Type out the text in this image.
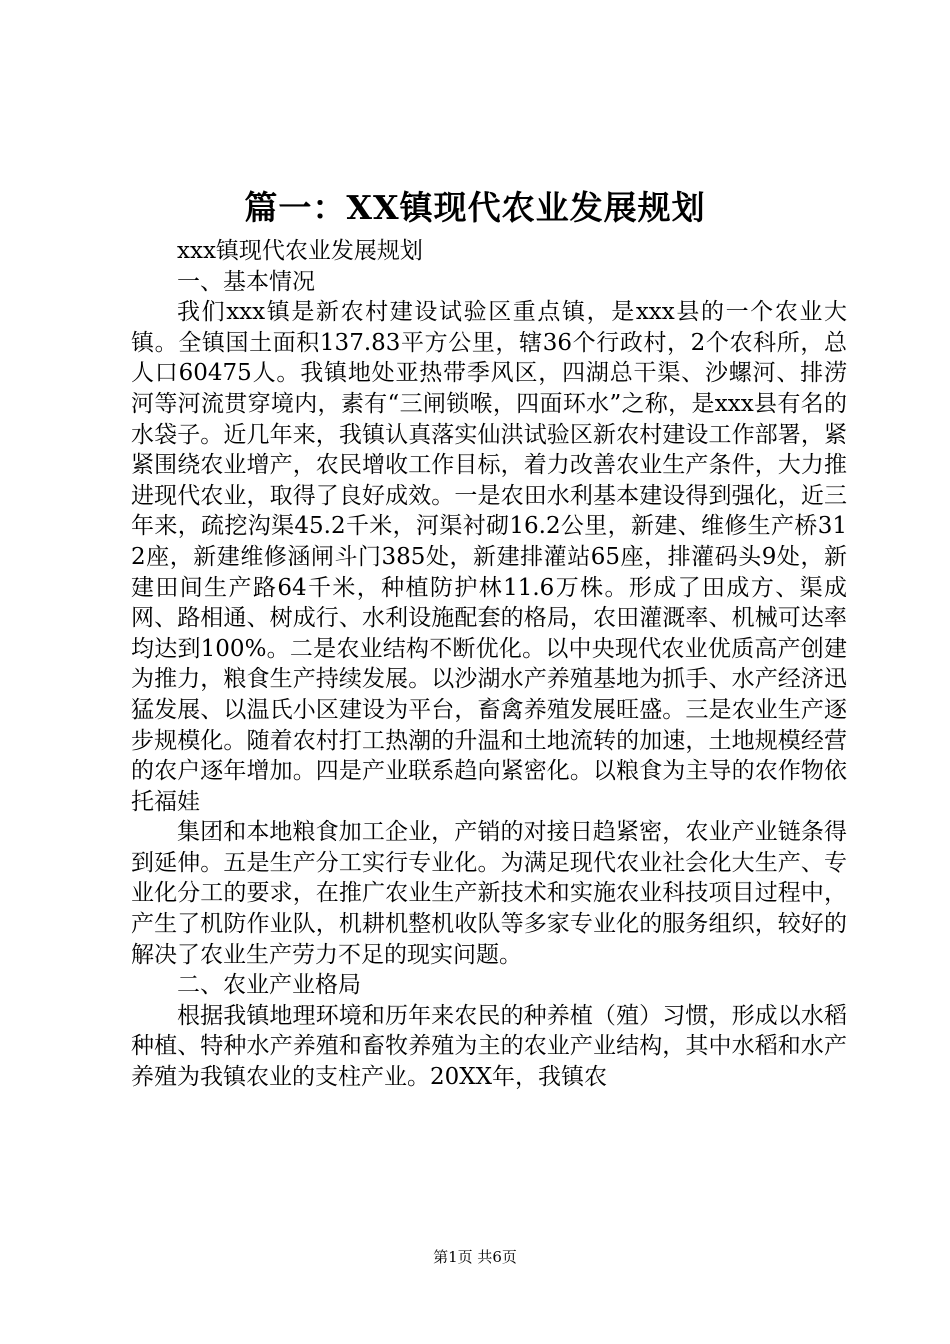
篇一：XX镇现代农业发展规划

xxx镇现代农业发展规划

一、基本情况

我们xxx镇是新农村建设试验区重点镇，是xxx县的一个农业大镇。全镇国土面积137.83平方公里，辖36个行政村，2个农科所，总人口60475人。我镇地处亚热带季风区，四湖总干渠、沙螺河、排涝河等河流贯穿境内，素有“三闸锁喉，四面环水”之称，是xxx县有名的水袋子。近几年来，我镇认真落实仙洪试验区新农村建设工作部署，紧紧围绕农业增产，农民增收工作目标，着力改善农业生产条件，大力推进现代农业，取得了良好成效。一是农田水利基本建设得到强化，近三年来，疏挖沟渠45.2千米，河渠衬砌16.2公里，新建、维修生产桥312座，新建维修涵闸斗门385处，新建排灌站65座，排灌码头9处，新建田间生产路64千米，种植防护林11.6万株。形成了田成方、渠成网、路相通、树成行、水利设施配套的格局，农田灌溉率、机械可达率均达到100%。二是农业结构不断优化。以中央现代农业优质高产创建为推力，粮食生产持续发展。以沙湖水产养殖基地为抓手、水产经济迅猛发展、以温氏小区建设为平台，畜禽养殖发展旺盛。三是农业生产逐步规模化。随着农村打工热潮的升温和土地流转的加速，土地规模经营的农户逐年增加。四是产业联系趋向紧密化。以粮食为主导的农作物依托福娃

集团和本地粮食加工企业，产销的对接日趋紧密，农业产业链条得到延伸。五是生产分工实行专业化。为满足现代农业社会化大生产、专业化分工的要求，在推广农业生产新技术和实施农业科技项目过程中，产生了机防作业队，机耕机整机收队等多家专业化的服务组织，较好的解决了农业生产劳力不足的现实问题。

二、农业产业格局

根据我镇地理环境和历年来农民的种养植（殖）习惯，形成以水稻种植、特种水产养殖和畜牧养殖为主的农业产业结构，其中水稻和水产养殖为我镇农业的支柱产业。20XX年，我镇农

第1页 共6页
